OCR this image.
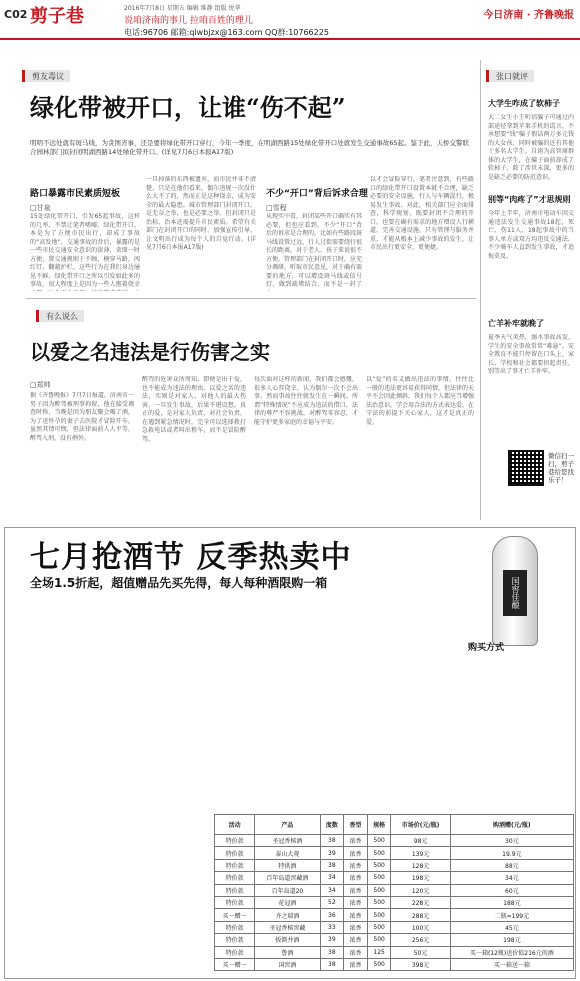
C02 剪子巷	2016年7月8日 星期五 编辑 维静 组版 悦华
说咱济南的事儿 拉咱百姓的理儿
电话:96706 邮箱:qlwbjzx@163.com QQ群:10766225
今日济南 · 齐鲁晚报
剪友毒议
绿化带被开口，让谁“伤不起”
明明不远处就有斑马线，为贪图省事，还是要将绿化带开口穿行，今年一季度，在明湖西路15处绿化带开口处就发生交通事故65起。鉴于此，天桥交警联合园林部门拟封闭明湖西路14处绿化带开口。(详见7月6日本报A17版)
路口暴露市民素质短板
□甘泉
15处绿化带开口，引发65起事故，这样的几率，不禁让笔者唏嘘。绿化带开口，本是为了方便市民出行，却成了事故的“高发地”。交通事故的背后，暴露的是一些市民交通安全意识的淡薄，贪图一时方便，置交通规则于不顾，横穿马路，闯红灯，翻越护栏，这些行为在我们身边屡见不鲜。绿化带开口之所以引发如此多的事故，很大程度上是因为一些人抱着侥幸
一旦掉落的东西被遗弃，而市民并非不清楚，只是在他们看来，偶尔违规一次没什么大不了的，然而正是这种侥幸，成为安全的最大隐患。城市管理部门封闭开口，是无奈之举，也是必要之举。但封闭只是治标，治本还需提升市民素质。希望有关部门在封闭开口的同时，加强宣传引导，让文明出行成为每个人的自觉行动。(详见7月6日本报A17版)
不少“开口”背后诉求合理
□雪程
从现实中看，封闭某些开口确实有其必要，但也应看到，不少“开口”背后的诉求是合理的。比如有些路段斑马线设置过远，行人过街需要绕行很长的距离，对于老人、孩子来说很不方便。管理部门在封闭开口时，应充分调研，听取市民意见，对于确有需要的地方，可以增设斑马线或信号灯，做到疏堵结合，而不是一封了
以才会冒险穿行。笔者注意到，有些路口的绿化带开口设置本就不合理，缺乏必要的安全设施，行人与车辆混行，极易发生事故。对此，相关部门应全面排查，科学规划，既要封闭不合理的开口，也要在确有需求的地方增设人行横道，完善交通设施。只有管理与服务并重，才能从根本上减少事故的发生，让市民出行更安全、更便捷。
有么说么
以爱之名违法是行伤害之实
□郑帅
据《齐鲁晚报》7月7日报道，济南市一男子因为醉驾被刑事拘留，他在接受调查时称，当晚是因为朋友聚会喝了酒，为了送怀孕的妻子去医院才冒险开车。虽然其情可悯，但法律面前人人平等，醉驾入刑，没有例外。
醉驾的危害众所周知，即便是出于爱，也不能成为违法的理由。以爱之名的违法，实则是对家人、对他人的最大伤害。一旦发生事故，后果不堪设想。真正的爱，是对家人负责，对社会负责，在遇到紧急情况时，完全可以选择拨打急救电话或者叫出租车，而不是冒险醉驾。
每次面对这样的新闻，我们都会感慨，很多人心存侥幸，认为偶尔一次不会出事。然而事故往往就发生在一瞬间。所谓“特殊情况”不应成为违法的借口，法律的尊严不容挑战，对醉驾零容忍，才能守护更多家庭的幸福与平安。
以“爱”的名义做出违法的事情，往往比一般的违法更容易获得同情，但法律的天平不会因此倾斜。我们每个人都应当增强法治意识，学会用合法的方式表达爱，在守法的前提下关心家人，这才是真正的爱。
张口就评
大学生咋成了软柿子
大二女生小王听信骗子可通过内部途径拿到苹果手机的谎言，不承想要“钱”骗子假话两万多元钱的大女孩，同时被骗的还有其他十多名大学生。自诩为高智商群体的大学生，在骗子面前却成了软柿子。除了涉世未深，更多的是缺乏必要的防范意识。
别等“肉疼了”才思规则
今年上半年，济南市电动车因交通违法发生交通事故18起，死亡、伤11人，18起事故中的当事人单方或双方均违反交通法。不少骑车人直到发生事故，才追悔莫及。
亡羊补牢就晚了
夏季天气炎热，溺水事故高发，学生的安全事故常常“难悬”。安全教育不能只停留在口头上，家长、学校和社会都要担起责任，别等出了事才亡羊补牢。
微信扫一扫，剪子巷给您找乐子！
七月抢酒节 反季热卖中
全场1.5折起，超值赠品先买先得，每人每种酒限购一箱	国窖佳酿
购买方式
活动	产品	度数	香型	规格	市场价(元/瓶)	购酒赠(元/瓶)
特价款	圣冠香槟酒	38	浓香	500	98元	30元
特价款	泰山大观	39	浓香	500	139元	19.9元
特价款	特供酒	38	浓香	500	128元	88元
特价款	百年岛道窖藏酒	34	浓香	500	198元	34元
特价款	百年岛道20	34	浓香	500	120元	60元
特价款	花冠酒	52	浓香	500	228元	188元
买一赠一	齐之瑞酒	36	浓香	500	288元	二瓶=199元
特价款	圣冠香槟窖藏	33	浓香	500	100元	45元
特价款	扳倒井酒	39	浓香	500	256元	198元
特价款	鲁酒	38	浓香	125	50元	买一箱(12瓶)送价值216元的酒
买一赠一	国窖酒	38	浓香	500	398元	买一箱送一箱
